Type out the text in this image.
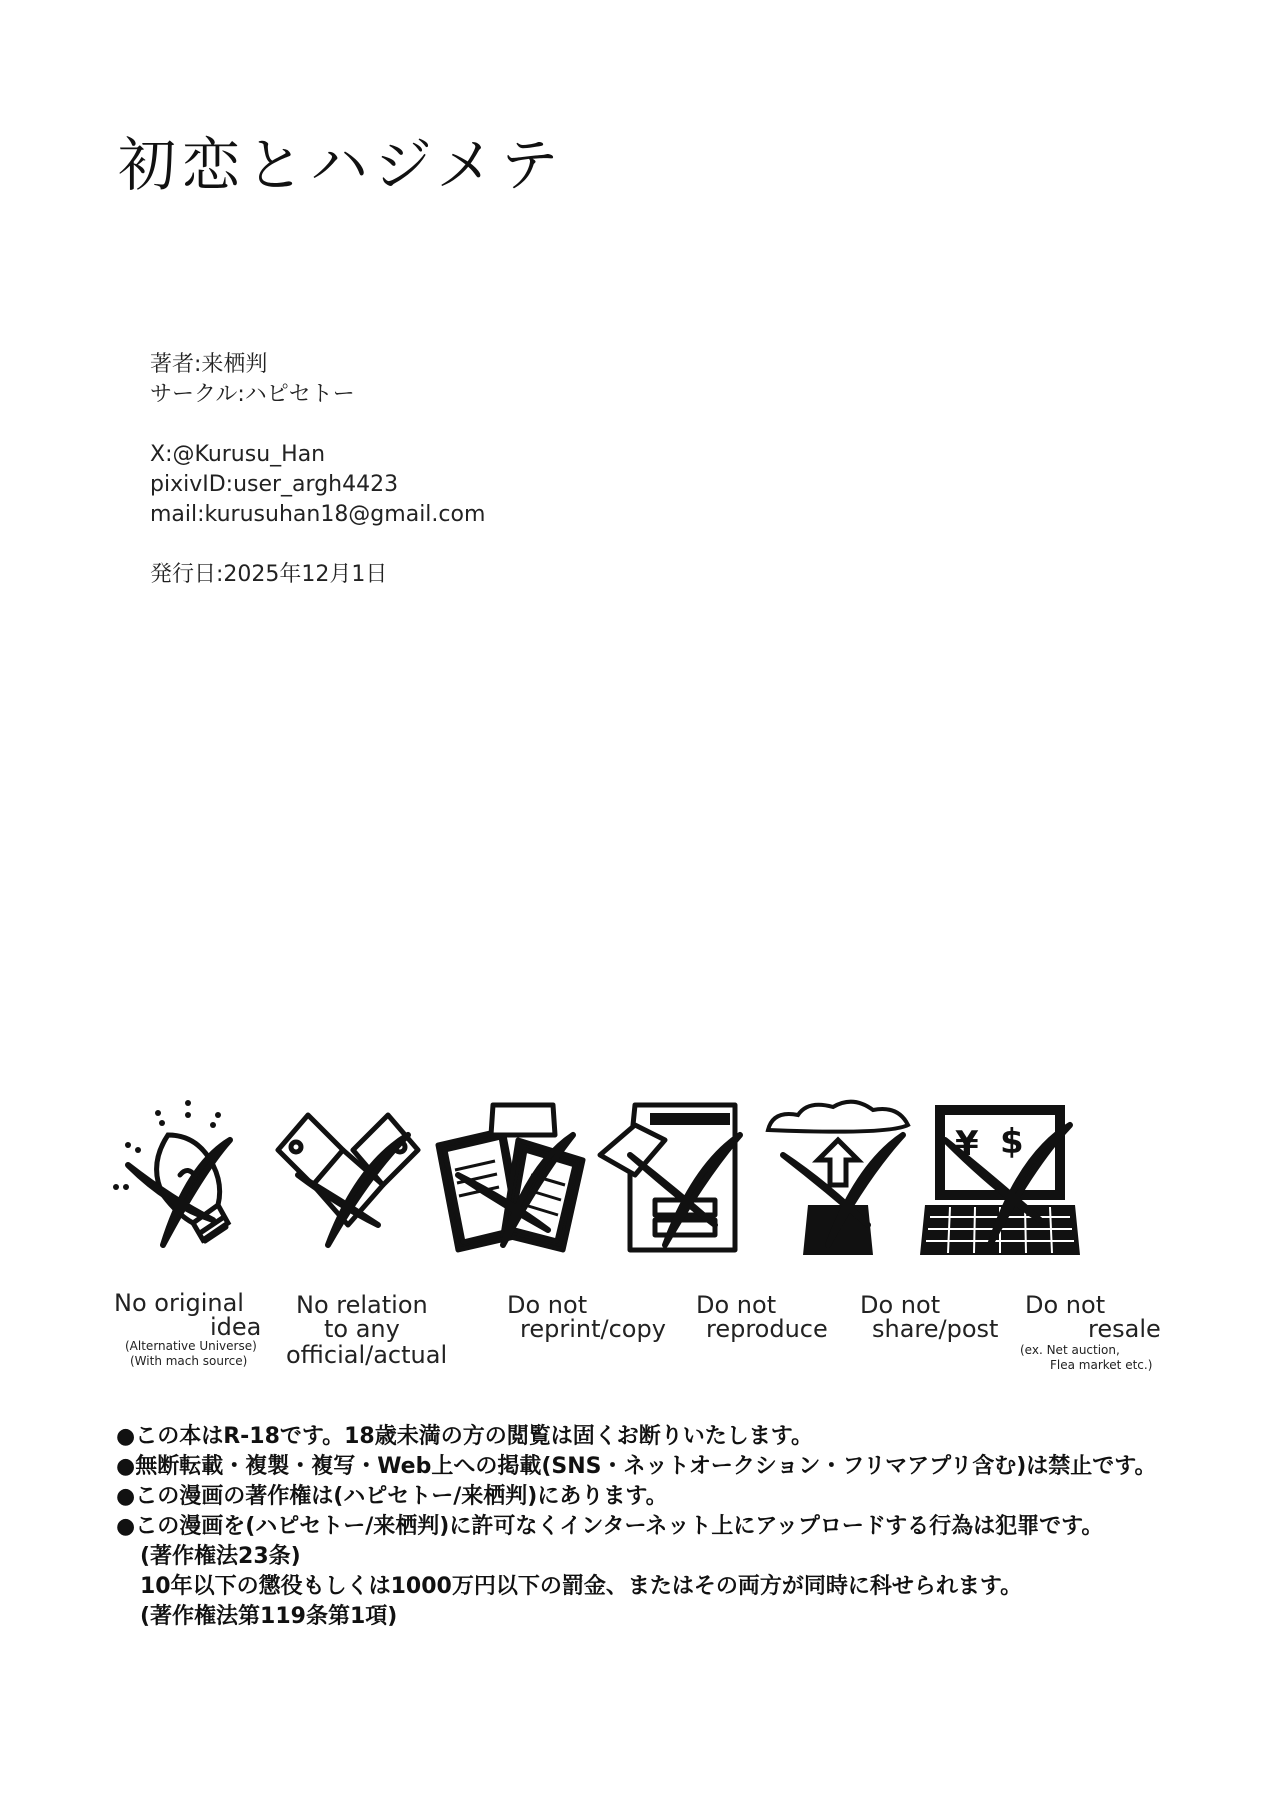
初恋とハジメテ
著者:来栖判
サークル:ハピセトー
X:@Kurusu_Han
pixivID:user_argh4423
mail:kurusuhan18@gmail.com
発行日:2025年12月1日
¥ $
No original
idea
(Alternative Universe)
(With mach source)
No relation
to any
official/actual
Do not
reprint/copy
Do not
reproduce
Do not
share/post
Do not
resale
(ex. Net auction,
Flea market etc.)
●この本はR-18です。18歳未満の方の閲覧は固くお断りいたします。
●無断転載・複製・複写・Web上への掲載(SNS・ネットオークション・フリマアプリ含む)は禁止です。
●この漫画の著作権は(ハピセトー/来栖判)にあります。
●この漫画を(ハピセトー/来栖判)に許可なくインターネット上にアップロードする行為は犯罪です。
(著作権法23条)
10年以下の懲役もしくは1000万円以下の罰金、またはその両方が同時に科せられます。
(著作権法第119条第1項)
